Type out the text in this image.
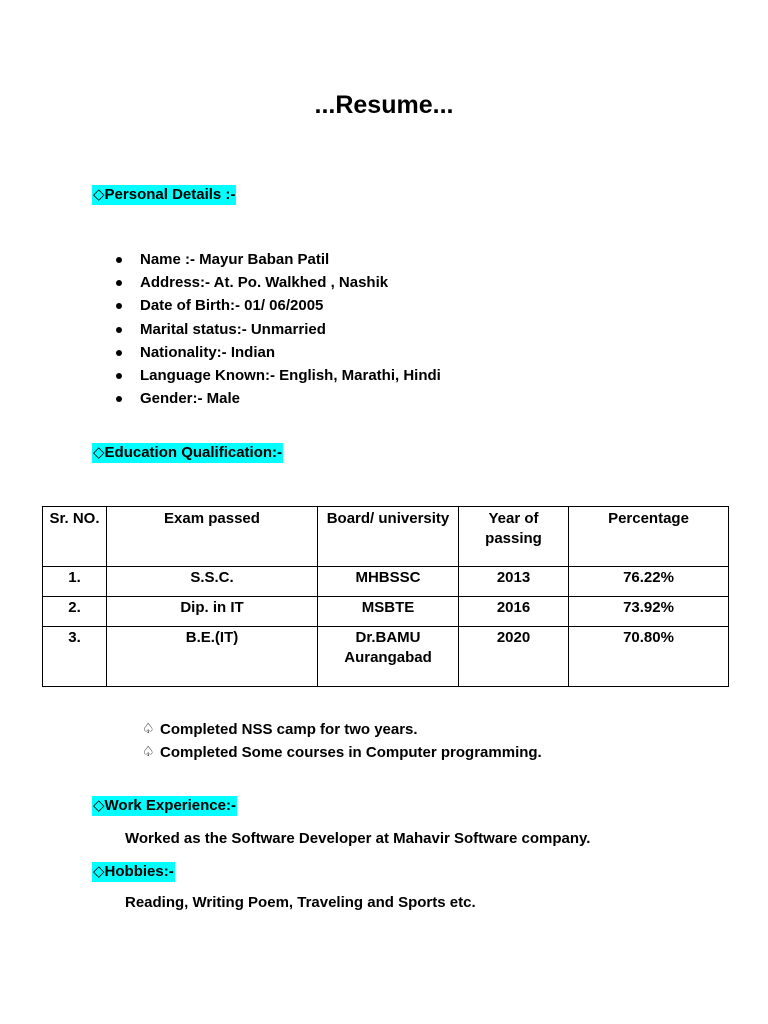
...Resume...
◇Personal Details :-
Name :- Mayur Baban Patil
Address:- At. Po. Walkhed , Nashik
Date of Birth:- 01/ 06/2005
Marital status:- Unmarried
Nationality:- Indian
Language Known:- English, Marathi, Hindi
Gender:- Male
◇Education Qualification:-
Sr. NO.	Exam passed	Board/ university	Year of passing	Percentage

1.	S.S.C.	MHBSSC	2013	76.22%

2.	Dip. in IT	MSBTE	2016	73.92%

3.	B.E.(IT)	Dr.BAMU Aurangabad	2020	70.80%
♤ Completed NSS camp for two years.
♤ Completed Some courses in Computer programming.
◇Work Experience:-
Worked as the Software Developer at Mahavir Software company.
◇Hobbies:-
Reading, Writing Poem, Traveling and Sports etc.
